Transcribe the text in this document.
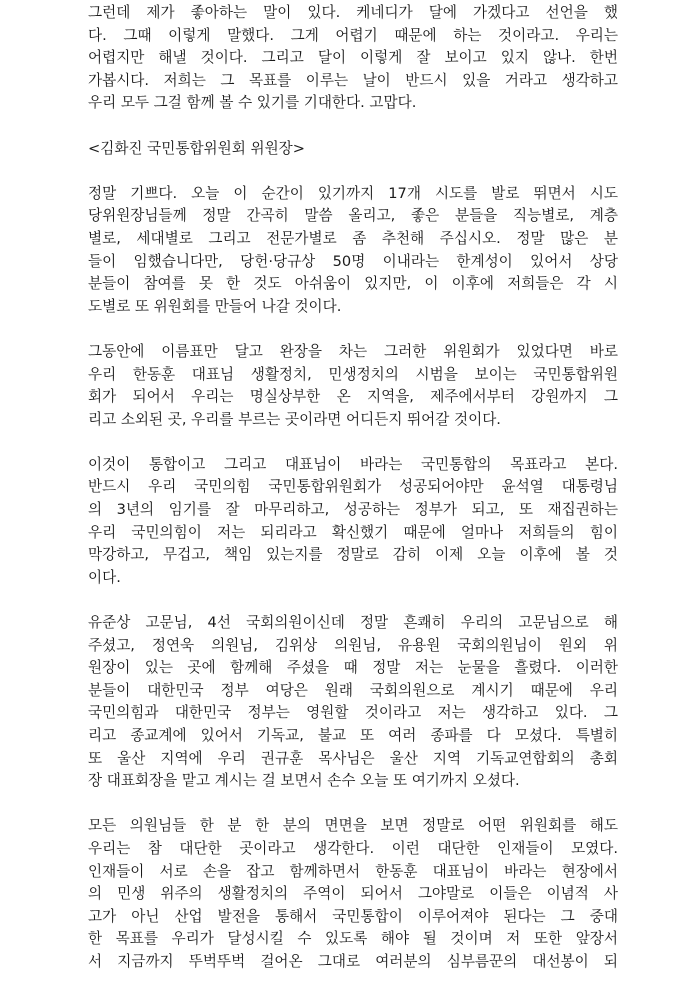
그런데 제가 좋아하는 말이 있다. 케네디가 달에 가겠다고 선언을 했
다. 그때 이렇게 말했다. 그게 어렵기 때문에 하는 것이라고. 우리는
어렵지만 해낼 것이다. 그리고 달이 이렇게 잘 보이고 있지 않나. 한번
가봅시다. 저희는 그 목표를 이루는 날이 반드시 있을 거라고 생각하고
우리 모두 그걸 함께 볼 수 있기를 기대한다. 고맙다.
<김화진 국민통합위원회 위원장>
정말 기쁘다. 오늘 이 순간이 있기까지 17개 시도를 발로 뛰면서 시도
당위원장님들께 정말 간곡히 말씀 올리고, 좋은 분들을 직능별로, 계층
별로, 세대별로 그리고 전문가별로 좀 추천해 주십시오. 정말 많은 분
들이 임했습니다만, 당헌·당규상 50명 이내라는 한계성이 있어서 상당
분들이 참여를 못 한 것도 아쉬움이 있지만, 이 이후에 저희들은 각 시
도별로 또 위원회를 만들어 나갈 것이다.
그동안에 이름표만 달고 완장을 차는 그러한 위원회가 있었다면 바로
우리 한동훈 대표님 생활정치, 민생정치의 시범을 보이는 국민통합위원
회가 되어서 우리는 명실상부한 온 지역을, 제주에서부터 강원까지 그
리고 소외된 곳, 우리를 부르는 곳이라면 어디든지 뛰어갈 것이다.
이것이 통합이고 그리고 대표님이 바라는 국민통합의 목표라고 본다.
반드시 우리 국민의힘 국민통합위원회가 성공되어야만 윤석열 대통령님
의 3년의 임기를 잘 마무리하고, 성공하는 정부가 되고, 또 재집권하는
우리 국민의힘이 저는 되리라고 확신했기 때문에 얼마나 저희들의 힘이
막강하고, 무겁고, 책임 있는지를 정말로 감히 이제 오늘 이후에 볼 것
이다.
유준상 고문님, 4선 국회의원이신데 정말 흔쾌히 우리의 고문님으로 해
주셨고, 정연욱 의원님, 김위상 의원님, 유용원 국회의원님이 원외 위
원장이 있는 곳에 함께해 주셨을 때 정말 저는 눈물을 흘렸다. 이러한
분들이 대한민국 정부 여당은 원래 국회의원으로 계시기 때문에 우리
국민의힘과 대한민국 정부는 영원할 것이라고 저는 생각하고 있다. 그
리고 종교계에 있어서 기독교, 불교 또 여러 종파를 다 모셨다. 특별히
또 울산 지역에 우리 권규훈 목사님은 울산 지역 기독교연합회의 총회
장 대표회장을 맡고 계시는 걸 보면서 손수 오늘 또 여기까지 오셨다.
모든 의원님들 한 분 한 분의 면면을 보면 정말로 어떤 위원회를 해도
우리는 참 대단한 곳이라고 생각한다. 이런 대단한 인재들이 모였다.
인재들이 서로 손을 잡고 함께하면서 한동훈 대표님이 바라는 현장에서
의 민생 위주의 생활정치의 주역이 되어서 그야말로 이들은 이념적 사
고가 아닌 산업 발전을 통해서 국민통합이 이루어져야 된다는 그 중대
한 목표를 우리가 달성시킬 수 있도록 해야 될 것이며 저 또한 앞장서
서 지금까지 뚜벅뚜벅 걸어온 그대로 여러분의 심부름꾼의 대선봉이 되
